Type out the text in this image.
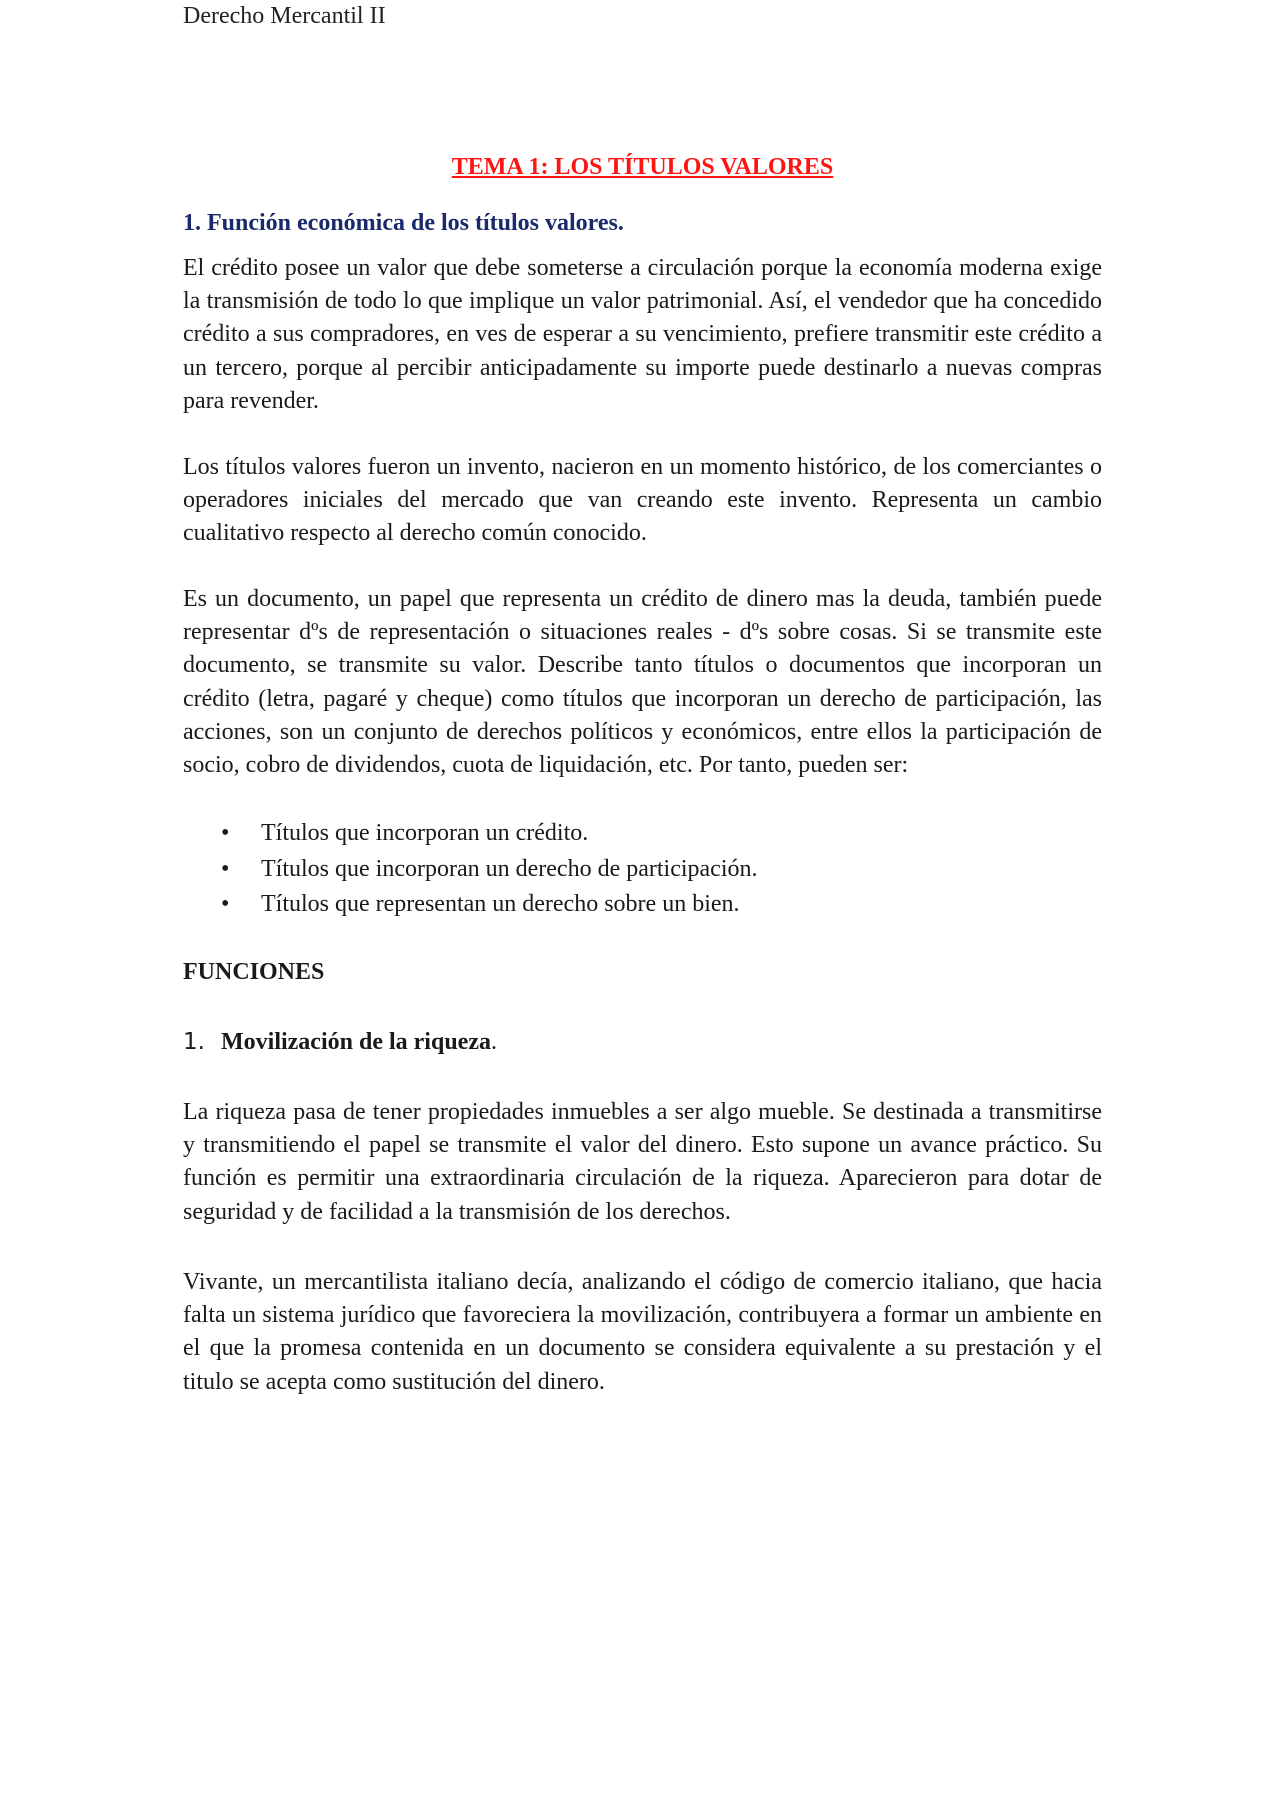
Derecho Mercantil II
TEMA 1: LOS TÍTULOS VALORES
1. Función económica de los títulos valores.

El crédito posee un valor que debe someterse a circulación porque la economía moderna exige la transmisión de todo lo que implique un valor patrimonial. Así, el vendedor que ha concedido crédito a sus compradores, en ves de esperar a su vencimiento, prefiere transmitir este crédito a un tercero, porque al percibir anticipadamente su importe puede destinarlo a nuevas compras para revender.

Los títulos valores fueron un invento, nacieron en un momento histórico, de los comerciantes o operadores iniciales del mercado que van creando este invento. Representa un cambio cualitativo respecto al derecho común conocido.

Es un documento, un papel que representa un crédito de dinero mas la deuda, también puede representar dºs de representación o situaciones reales - dºs sobre cosas. Si se transmite este documento, se transmite su valor. Describe tanto títulos o documentos que incorporan un crédito (letra, pagaré y cheque) como títulos que incorporan un derecho de participación, las acciones, son un conjunto de derechos políticos y económicos, entre ellos la participación de socio, cobro de dividendos, cuota de liquidación, etc. Por tanto, pueden ser:

• Títulos que incorporan un crédito.
• Títulos que incorporan un derecho de participación.
• Títulos que representan un derecho sobre un bien.
FUNCIONES
1. Movilización de la riqueza.

La riqueza pasa de tener propiedades inmuebles a ser algo mueble. Se destinada a transmitirse y transmitiendo el papel se transmite el valor del dinero. Esto supone un avance práctico. Su función es permitir una extraordinaria circulación de la riqueza. Aparecieron para dotar de seguridad y de facilidad a la transmisión de los derechos.

Vivante, un mercantilista italiano decía, analizando el código de comercio italiano, que hacia falta un sistema jurídico que favoreciera la movilización, contribuyera a formar un ambiente en el que la promesa contenida en un documento se considera equivalente a su prestación y el titulo se acepta como sustitución del dinero.
